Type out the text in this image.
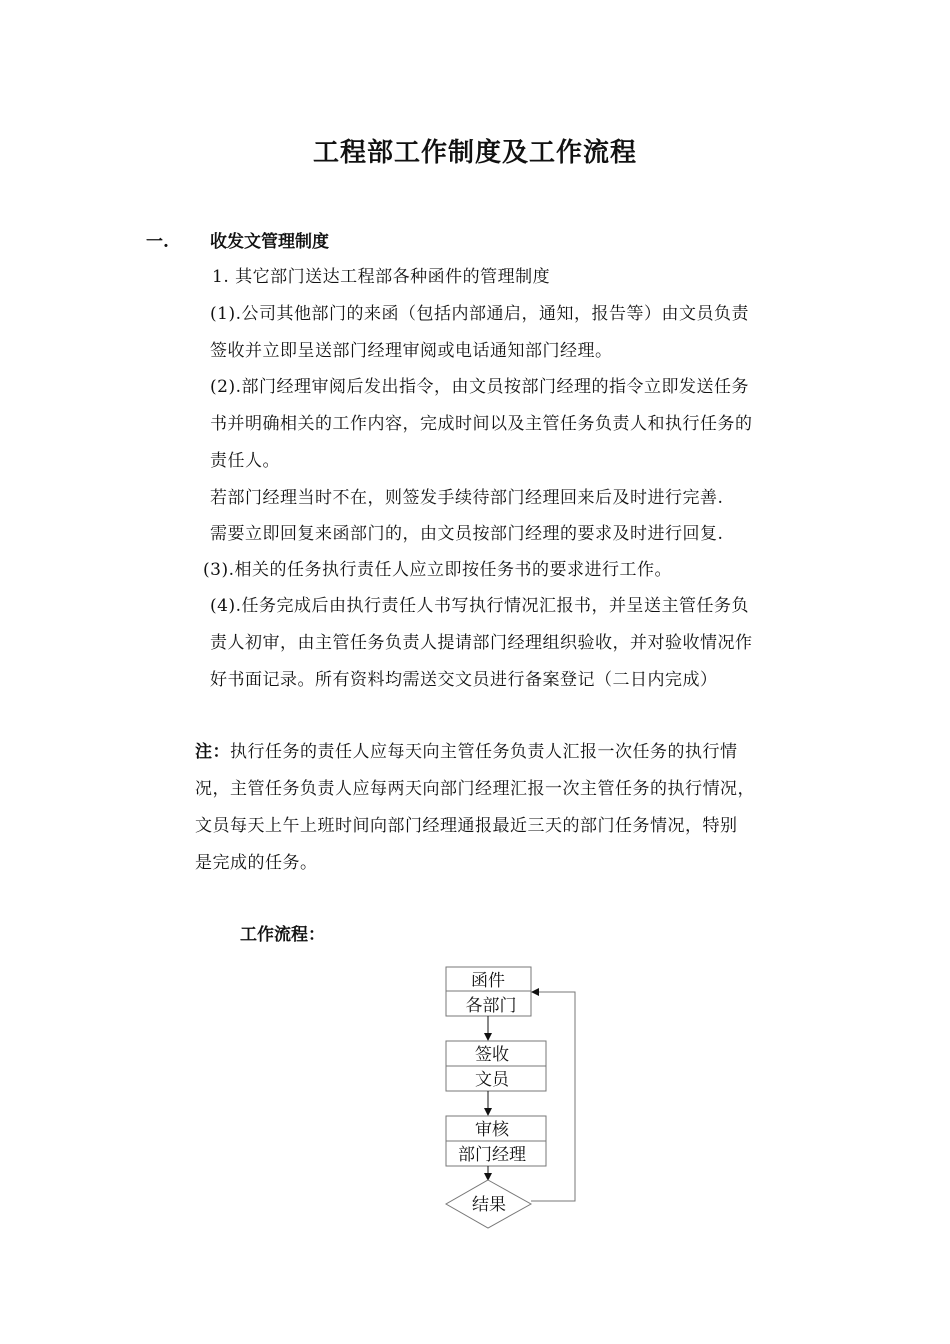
工程部工作制度及工作流程
一. 收发文管理制度
1. 其它部门送达工程部各种函件的管理制度
(1).公司其他部门的来函（包括内部通启，通知，报告等）由文员负责
签收并立即呈送部门经理审阅或电话通知部门经理。
(2).部门经理审阅后发出指令，由文员按部门经理的指令立即发送任务
书并明确相关的工作内容，完成时间以及主管任务负责人和执行任务的
责任人。
若部门经理当时不在，则签发手续待部门经理回来后及时进行完善.
需要立即回复来函部门的，由文员按部门经理的要求及时进行回复.
(3).相关的任务执行责任人应立即按任务书的要求进行工作。
(4).任务完成后由执行责任人书写执行情况汇报书，并呈送主管任务负
责人初审，由主管任务负责人提请部门经理组织验收，并对验收情况作
好书面记录。所有资料均需送交文员进行备案登记（二日内完成）
注：执行任务的责任人应每天向主管任务负责人汇报一次任务的执行情
况，主管任务负责人应每两天向部门经理汇报一次主管任务的执行情况，
文员每天上午上班时间向部门经理通报最近三天的部门任务情况，特别
是完成的任务。
工作流程：
函件
各部门
签收
文员
审核
部门经理
结果
